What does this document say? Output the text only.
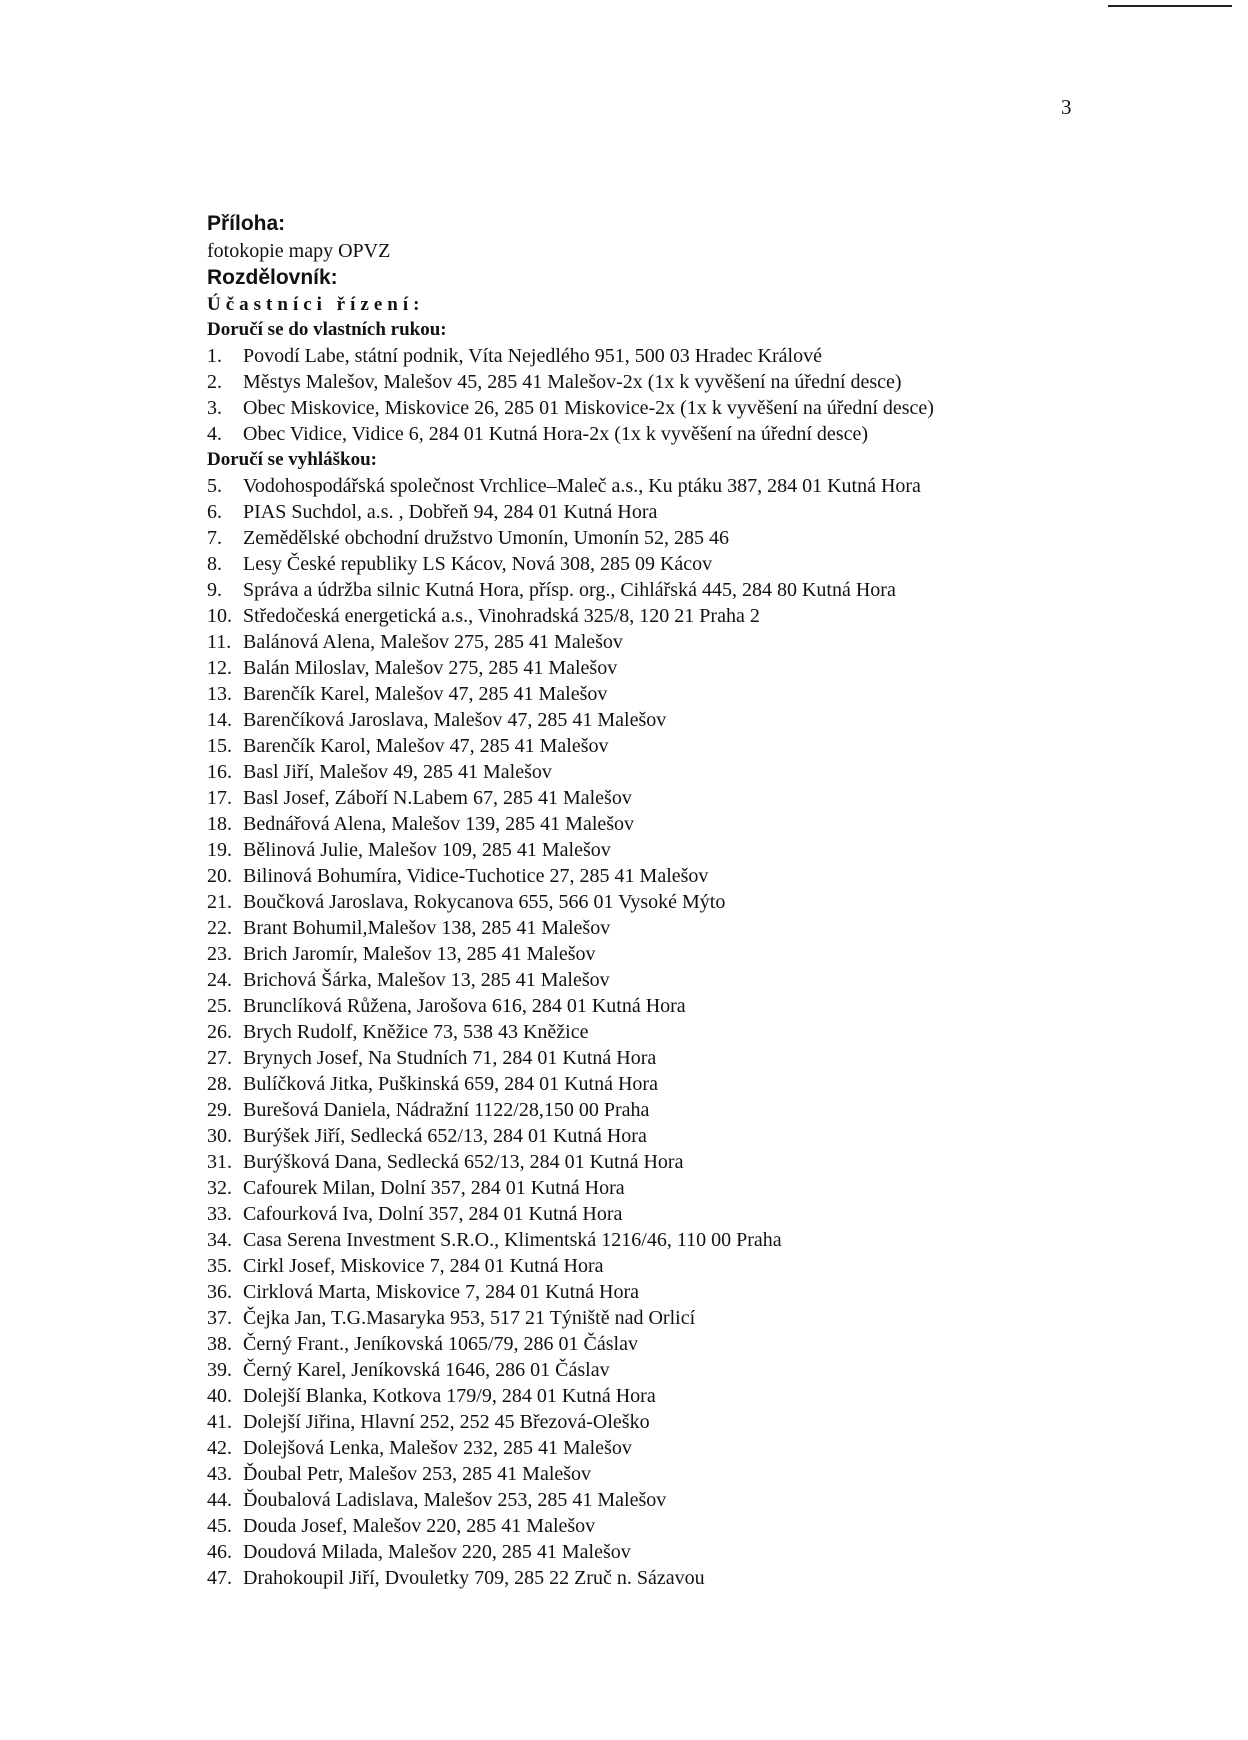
3
Příloha:
fotokopie mapy OPVZ
Rozdělovník:
Účastníci řízení:
Doručí se do vlastních rukou:
1.	Povodí Labe, státní podnik, Víta Nejedlého 951, 500 03 Hradec Králové
2.	Městys Malešov, Malešov 45, 285 41 Malešov-2x (1x k vyvěšení na úřední desce)
3.	Obec Miskovice, Miskovice 26, 285 01 Miskovice-2x (1x k vyvěšení na úřední desce)
4.	Obec Vidice, Vidice 6, 284 01 Kutná Hora-2x (1x k vyvěšení na úřední desce)
Doručí se vyhláškou:
5.	Vodohospodářská společnost Vrchlice–Maleč a.s., Ku ptáku 387, 284 01 Kutná Hora
6.	PIAS Suchdol, a.s. , Dobřeň 94, 284 01 Kutná Hora
7.	Zemědělské obchodní družstvo Umonín, Umonín 52, 285 46
8.	Lesy České republiky LS Kácov, Nová 308, 285 09 Kácov
9.	Správa a údržba silnic Kutná Hora, přísp. org., Cihlářská 445, 284 80 Kutná Hora
10. Středočeská energetická a.s., Vinohradská 325/8, 120 21 Praha 2
11. Balánová Alena, Malešov 275, 285 41 Malešov
12. Balán Miloslav, Malešov 275, 285 41 Malešov
13. Barenčík Karel, Malešov 47, 285 41 Malešov
14. Barenčíková Jaroslava, Malešov 47, 285 41 Malešov
15. Barenčík Karol, Malešov 47, 285 41 Malešov
16. Basl Jiří, Malešov 49, 285 41 Malešov
17. Basl Josef, Záboří N.Labem 67, 285 41 Malešov
18. Bednářová Alena, Malešov 139, 285 41 Malešov
19. Bělinová Julie, Malešov 109, 285 41 Malešov
20. Bilinová Bohumíra, Vidice-Tuchotice 27, 285 41 Malešov
21. Boučková Jaroslava, Rokycanova 655, 566 01 Vysoké Mýto
22. Brant Bohumil,Malešov 138, 285 41 Malešov
23. Brich Jaromír, Malešov 13, 285 41 Malešov
24. Brichová Šárka, Malešov 13, 285 41 Malešov
25. Brunclíková Růžena, Jarošova 616, 284 01 Kutná Hora
26. Brych Rudolf, Kněžice 73, 538 43 Kněžice
27. Brynych Josef, Na Studních 71, 284 01 Kutná Hora
28. Bulíčková Jitka, Puškinská 659, 284 01 Kutná Hora
29. Burešová Daniela, Nádražní 1122/28,150 00 Praha
30. Burýšek Jiří, Sedlecká 652/13, 284 01 Kutná Hora
31. Burýšková Dana, Sedlecká 652/13, 284 01 Kutná Hora
32. Cafourek Milan, Dolní 357, 284 01 Kutná Hora
33. Cafourková Iva, Dolní 357, 284 01 Kutná Hora
34. Casa Serena Investment S.R.O., Klimentská 1216/46, 110 00 Praha
35. Cirkl Josef, Miskovice 7, 284 01 Kutná Hora
36. Cirklová Marta, Miskovice 7, 284 01 Kutná Hora
37. Čejka Jan, T.G.Masaryka 953, 517 21 Týniště nad Orlicí
38. Černý Frant., Jeníkovská 1065/79, 286 01 Čáslav
39. Černý Karel, Jeníkovská 1646, 286 01 Čáslav
40. Dolejší Blanka, Kotkova 179/9, 284 01 Kutná Hora
41. Dolejší Jiřina, Hlavní 252, 252 45 Březová-Oleško
42. Dolejšová Lenka, Malešov 232, 285 41 Malešov
43. Ďoubal Petr, Malešov 253, 285 41 Malešov
44. Ďoubalová Ladislava, Malešov 253, 285 41 Malešov
45. Douda Josef, Malešov 220, 285 41 Malešov
46. Doudová Milada, Malešov 220, 285 41 Malešov
47. Drahokoupil Jiří, Dvouletky 709, 285 22 Zruč n. Sázavou
